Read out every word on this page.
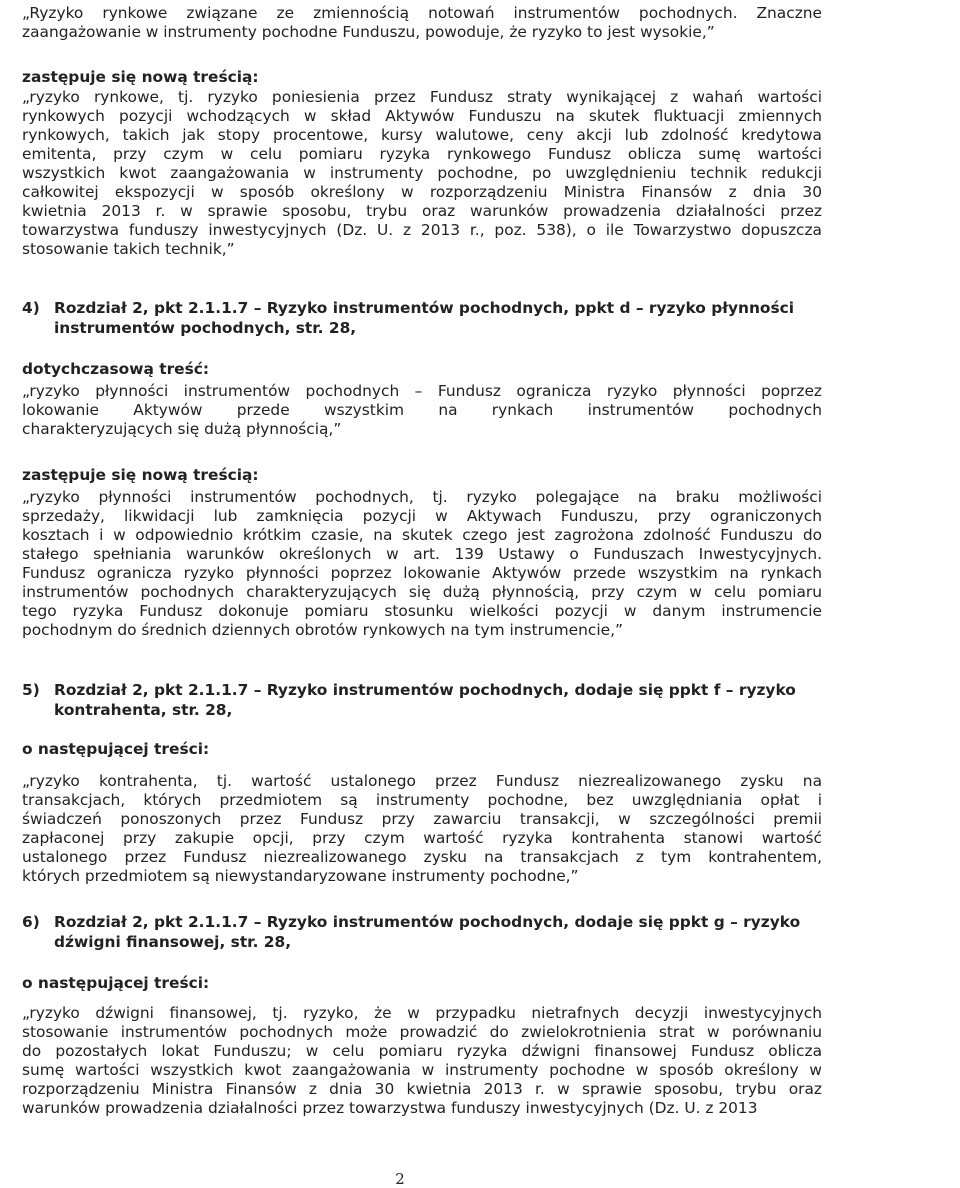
„Ryzyko rynkowe związane ze zmiennością notowań instrumentów pochodnych. Znaczne
zaangażowanie w instrumenty pochodne Funduszu, powoduje, że ryzyko to jest wysokie,”
zastępuje się nową treścią:
„ryzyko rynkowe, tj. ryzyko poniesienia przez Fundusz straty wynikającej z wahań wartości
rynkowych pozycji wchodzących w skład Aktywów Funduszu na skutek fluktuacji zmiennych
rynkowych, takich jak stopy procentowe, kursy walutowe, ceny akcji lub zdolność kredytowa
emitenta, przy czym w celu pomiaru ryzyka rynkowego Fundusz oblicza sumę wartości
wszystkich kwot zaangażowania w instrumenty pochodne, po uwzględnieniu technik redukcji
całkowitej ekspozycji w sposób określony w rozporządzeniu Ministra Finansów z dnia 30
kwietnia 2013 r. w sprawie sposobu, trybu oraz warunków prowadzenia działalności przez
towarzystwa funduszy inwestycyjnych (Dz. U. z 2013 r., poz. 538), o ile Towarzystwo dopuszcza
stosowanie takich technik,”
4) Rozdział 2, pkt 2.1.1.7 – Ryzyko instrumentów pochodnych, ppkt d – ryzyko płynności
instrumentów pochodnych, str. 28,
dotychczasową treść:
„ryzyko płynności instrumentów pochodnych – Fundusz ogranicza ryzyko płynności poprzez
lokowanie Aktywów przede wszystkim na rynkach instrumentów pochodnych
charakteryzujących się dużą płynnością,”
zastępuje się nową treścią:
„ryzyko płynności instrumentów pochodnych, tj. ryzyko polegające na braku możliwości
sprzedaży, likwidacji lub zamknięcia pozycji w Aktywach Funduszu, przy ograniczonych
kosztach i w odpowiednio krótkim czasie, na skutek czego jest zagrożona zdolność Funduszu do
stałego spełniania warunków określonych w art. 139 Ustawy o Funduszach Inwestycyjnych.
Fundusz ogranicza ryzyko płynności poprzez lokowanie Aktywów przede wszystkim na rynkach
instrumentów pochodnych charakteryzujących się dużą płynnością, przy czym w celu pomiaru
tego ryzyka Fundusz dokonuje pomiaru stosunku wielkości pozycji w danym instrumencie
pochodnym do średnich dziennych obrotów rynkowych na tym instrumencie,”
5) Rozdział 2, pkt 2.1.1.7 – Ryzyko instrumentów pochodnych, dodaje się ppkt f – ryzyko
kontrahenta, str. 28,
o następującej treści:
„ryzyko kontrahenta, tj. wartość ustalonego przez Fundusz niezrealizowanego zysku na
transakcjach, których przedmiotem są instrumenty pochodne, bez uwzględniania opłat i
świadczeń ponoszonych przez Fundusz przy zawarciu transakcji, w szczególności premii
zapłaconej przy zakupie opcji, przy czym wartość ryzyka kontrahenta stanowi wartość
ustalonego przez Fundusz niezrealizowanego zysku na transakcjach z tym kontrahentem,
których przedmiotem są niewystandaryzowane instrumenty pochodne,”
6) Rozdział 2, pkt 2.1.1.7 – Ryzyko instrumentów pochodnych, dodaje się ppkt g – ryzyko
dźwigni finansowej, str. 28,
o następującej treści:
„ryzyko dźwigni finansowej, tj. ryzyko, że w przypadku nietrafnych decyzji inwestycyjnych
stosowanie instrumentów pochodnych może prowadzić do zwielokrotnienia strat w porównaniu
do pozostałych lokat Funduszu; w celu pomiaru ryzyka dźwigni finansowej Fundusz oblicza
sumę wartości wszystkich kwot zaangażowania w instrumenty pochodne w sposób określony w
rozporządzeniu Ministra Finansów z dnia 30 kwietnia 2013 r. w sprawie sposobu, trybu oraz
warunków prowadzenia działalności przez towarzystwa funduszy inwestycyjnych (Dz. U. z 2013
2
